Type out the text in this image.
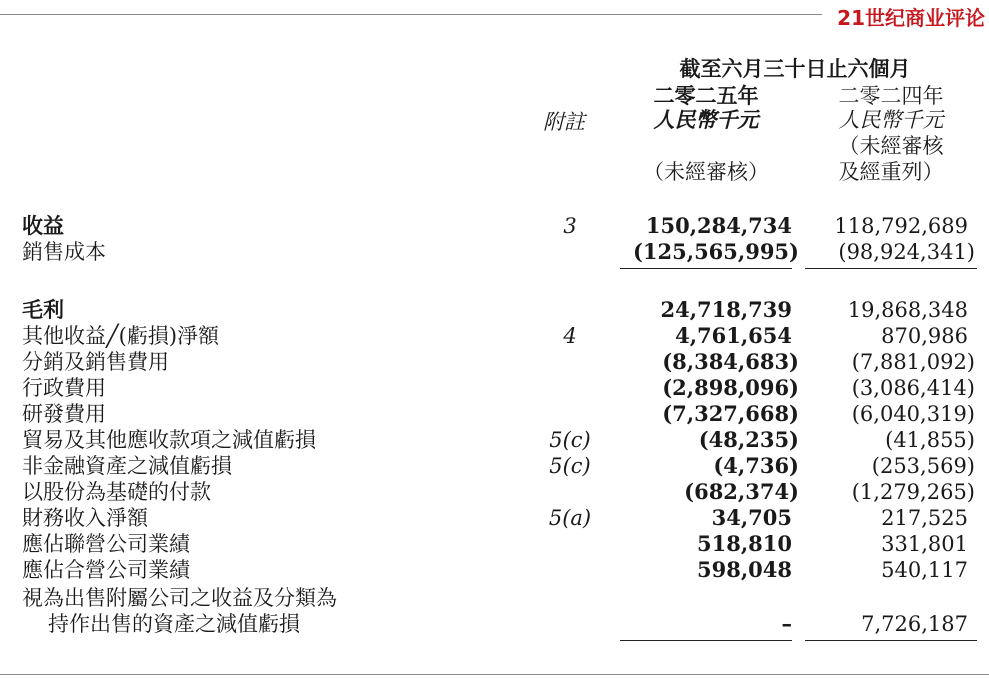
21世纪商业评论
截至六月三十日止六個月
二零二五年
人民幣千元
（未經審核）
二零二四年
人民幣千元
（未經審核
及經重列）
附註
收益	3	150,284,734 118,792,689
銷售成本	(125,565,995) (98,924,341)
毛利	24,718,739	19,868,348
其他收益╱(虧損)淨額	4	4,761,654	870,986
分銷及銷售費用	(8,384,683)	(7,881,092)
行政費用	(2,898,096)	(3,086,414)
研發費用	(7,327,668)	(6,040,319)
貿易及其他應收款項之減值虧損	5(c)	(48,235)	(41,855)
非金融資產之減值虧損	5(c)	(4,736)	(253,569)
以股份為基礎的付款	(682,374)	(1,279,265)
財務收入淨額	5(a)	34,705	217,525
應佔聯營公司業績	518,810	331,801
應佔合營公司業績	598,048	540,117
視為出售附屬公司之收益及分類為
持作出售的資產之減值虧損	–	7,726,187
